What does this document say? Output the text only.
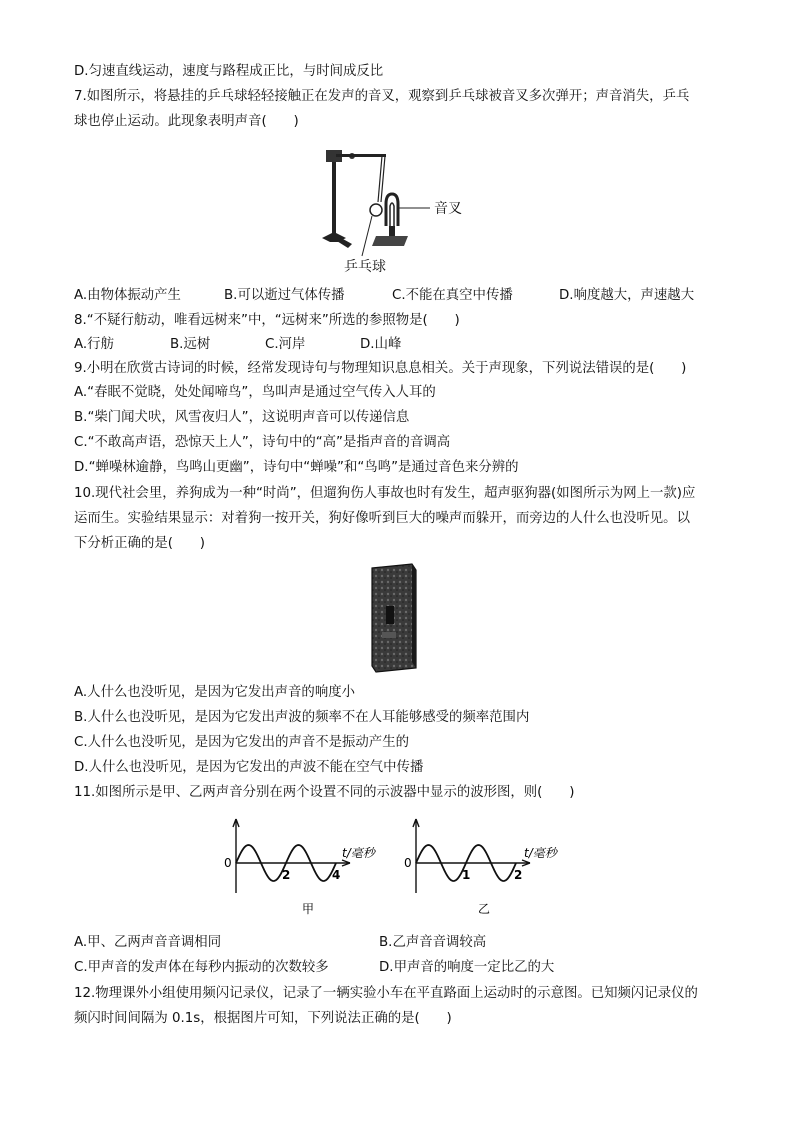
D.匀速直线运动，速度与路程成正比，与时间成反比
7.如图所示，将悬挂的乒乓球轻轻接触正在发声的音叉，观察到乒乓球被音叉多次弹开；声音消失，乒乓
球也停止运动。此现象表明声音(　　)
音叉
乒乓球
A.由物体振动产生	B.可以逝过气体传播	C.不能在真空中传播	D.响度越大，声速越大
8.“不疑行舫动，唯看远树来”中，“远树来”所选的参照物是(　　)
A.行舫	B.远树	C.河岸	D.山峰
9.小明在欣赏古诗词的时候，经常发现诗句与物理知识息息相关。关于声现象，下列说法错误的是(　　)
A.“春眠不觉晓，处处闻啼鸟”，鸟叫声是通过空气传入人耳的
B.“柴门闻犬吠，风雪夜归人”，这说明声音可以传递信息
C.“不敢高声语，恐惊天上人”，诗句中的“高”是指声音的音调高
D.“蝉噪林逾静，鸟鸣山更幽”，诗句中“蝉噪”和“鸟鸣”是通过音色来分辨的
10.现代社会里，养狗成为一种“时尚”，但遛狗伤人事故也时有发生，超声驱狗器(如图所示为网上一款)应
运而生。实验结果显示：对着狗一按开关，狗好像听到巨大的噪声而躲开，而旁边的人什么也没听见。以
下分析正确的是(　　)
A.人什么也没听见，是因为它发出声音的响度小
B.人什么也没听见，是因为它发出声波的频率不在人耳能够感受的频率范围内
C.人什么也没听见，是因为它发出的声音不是振动产生的
D.人什么也没听见，是因为它发出的声波不能在空气中传播
11.如图所示是甲、乙两声音分别在两个设置不同的示波器中显示的波形图，则(　　)
0
2	4
t/毫秒
甲
0
1	2
t/毫秒
乙
A.甲、乙两声音音调相同	B.乙声音音调较高
C.甲声音的发声体在每秒内振动的次数较多	D.甲声音的响度一定比乙的大
12.物理课外小组使用频闪记录仪，记录了一辆实验小车在平直路面上运动时的示意图。已知频闪记录仪的
频闪时间间隔为 0.1s，根据图片可知，下列说法正确的是(　　)
